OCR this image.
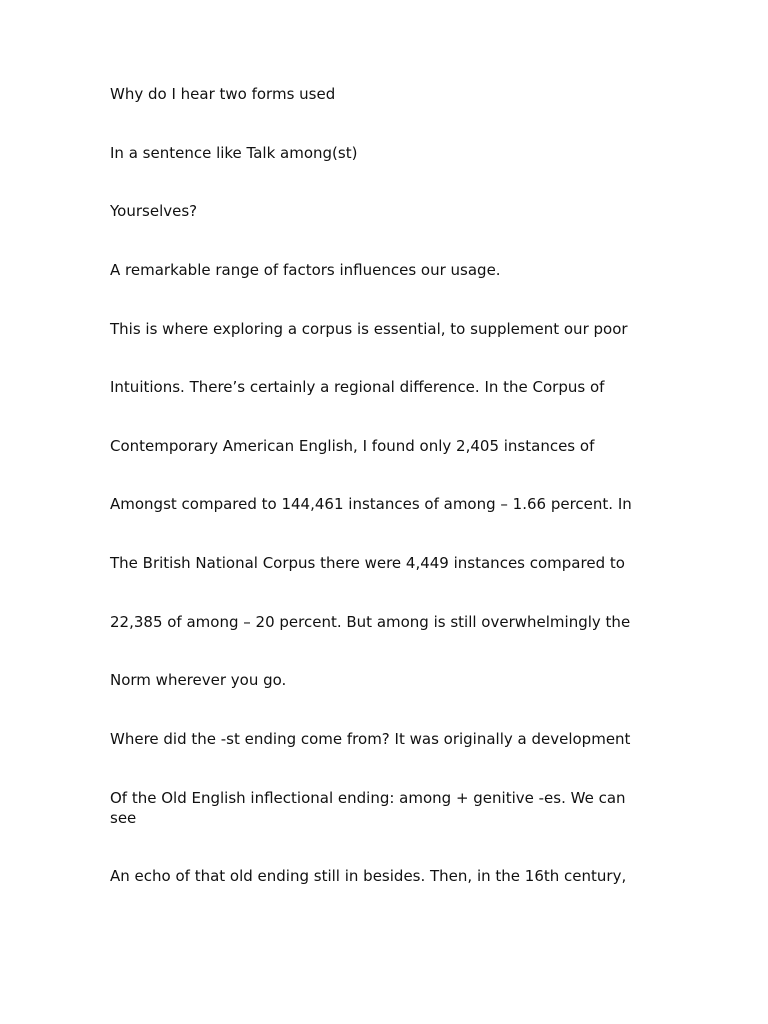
Why do I hear two forms used

In a sentence like Talk among(st)

Yourselves?

A remarkable range of factors influences our usage.

This is where exploring a corpus is essential, to supplement our poor

Intuitions. There’s certainly a regional difference. In the Corpus of

Contemporary American English, I found only 2,405 instances of

Amongst compared to 144,461 instances of among – 1.66 percent. In

The British National Corpus there were 4,449 instances compared to

22,385 of among – 20 percent. But among is still overwhelmingly the

Norm wherever you go.

Where did the -st ending come from? It was originally a development

Of the Old English inflectional ending: among + genitive -es. We can see

An echo of that old ending still in besides. Then, in the 16th century,
